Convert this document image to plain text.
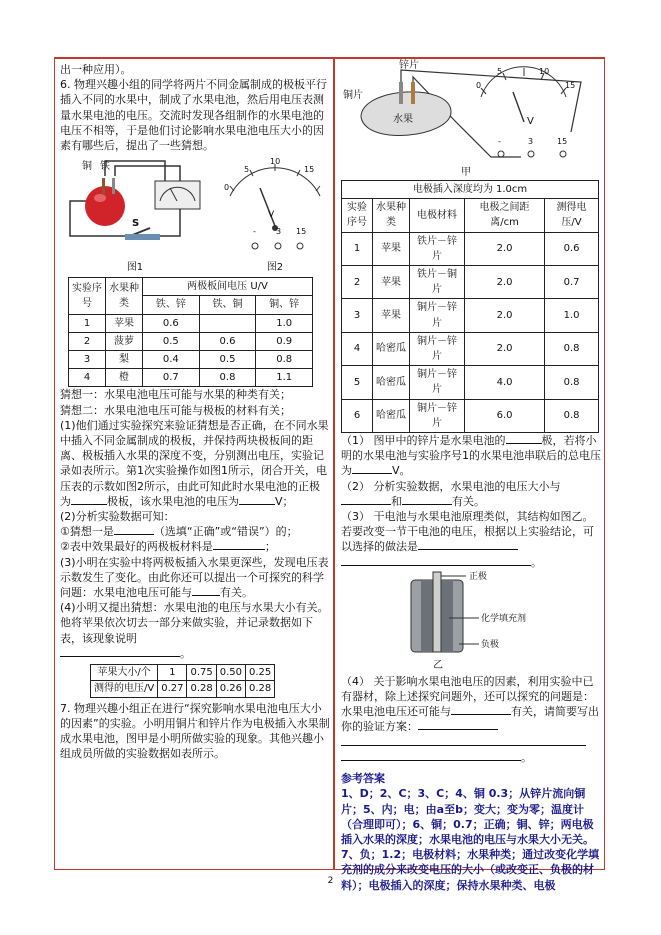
出一种应用）。

6. 物理兴趣小组的同学将两片不同金属制成的极板平行插入不同的水果中，制成了水果电池，然后用电压表测量水果电池的电压。交流时发现各组制作的水果电池的电压不相等，于是他们讨论影响水果电池电压大小的因素有哪些后，提出了一些猜想。

铜 铁
S
图1
0
5
10
15
V
-	3 15
图2
实验序号	水果种类	两极板间电压 U/V		
		铁、锌	铁、铜	铜、锌
1	苹果	0.6		1.0
2	菠萝	0.5	0.6	0.9
3	梨	0.4	0.5	0.8
4	橙	0.7	0.8	1.1

猜想一：水果电池电压可能与水果的种类有关；

猜想二：水果电池电压可能与极板的材料有关；

(1)他们通过实验探究来验证猜想是否正确，在不同水果中插入不同金属制成的极板，并保持两块极板间的距离、极板插入水果的深度不变，分别测出电压，实验记录如表所示。第1次实验操作如图1所示，闭合开关，电压表的示数如图2所示，由此可知此时水果电池的正极为	极板，该水果电池的电压为	V；

(2)分析实验数据可知：

①猜想一是	（选填“正确”或“错误”）的；

②表中效果最好的两极板材料是	；

(3)小明在实验中将两极板插入水果更深些，发现电压表示数发生了变化。由此你还可以提出一个可探究的科学问题：水果电池电压可能与	有关。

(4)小明又提出猜想：水果电池的电压与水果大小有关。他将苹果依次切去一部分来做实验，并记录数据如下表，该现象说明
。

苹果大小/个	1	0.75	0.50	0.25
测得的电压/V	0.27	0.28	0.26	0.28

7. 物理兴趣小组正在进行“探究影响水果电池电压大小的因素”的实验。小明用铜片和锌片作为电极插入水果制成水果电池，图甲是小明所做实验的现象。其他兴趣小组成员所做的实验数据如表所示。

锌片
铜片
水果
0
5	10
15
V
-	3	15
甲
电极插入深度均为 1.0cm				
实验序号	水果种类	电极材料	电极之间距离/cm	测得电压/V
1	苹果	铁片－锌片	2.0	0.6
2	苹果	铁片－铜片	2.0	0.7
3	苹果	铜片－锌片	2.0	1.0
4	哈密瓜	铜片－锌片	2.0	0.8
5	哈密瓜	铜片－锌片	4.0	0.8
6	哈密瓜	铜片－锌片	6.0	0.8

（1） 图甲中的锌片是水果电池的	极，若将小明的水果电池与实验序号1的水果电池串联后的总电压为	V。

（2） 分析实验数据，水果电池的电压大小与和	有关。

（3） 干电池与水果电池原理类似，其结构如图乙。若要改变一节干电池的电压，根据以上实验结论，可以选择的做法是
。

正极
化学填充剂
负极
乙

（4） 关于影响水果电池电压的因素，利用实验中已有器材，除上述探究问题外，还可以探究的问题是：水果电池电压还可能与	有关，请简要写出你的验证方案：

。

参考答案

1、D；2、C；3、C；4、铜 0.3；从锌片流向铜片；5、内；电；由a至b；变大；变为零；温度计（合理即可）；6、铜；0.7；正确；铜、锌；两电极插入水果的深度；水果电池的电压与水果大小无关。7、负；1.2；电极材料；水果种类；通过改变化学填充剂的成分来改变电压的大小（或改变正、负极的材料）；电极插入的深度；保持水果种类、电极

2
